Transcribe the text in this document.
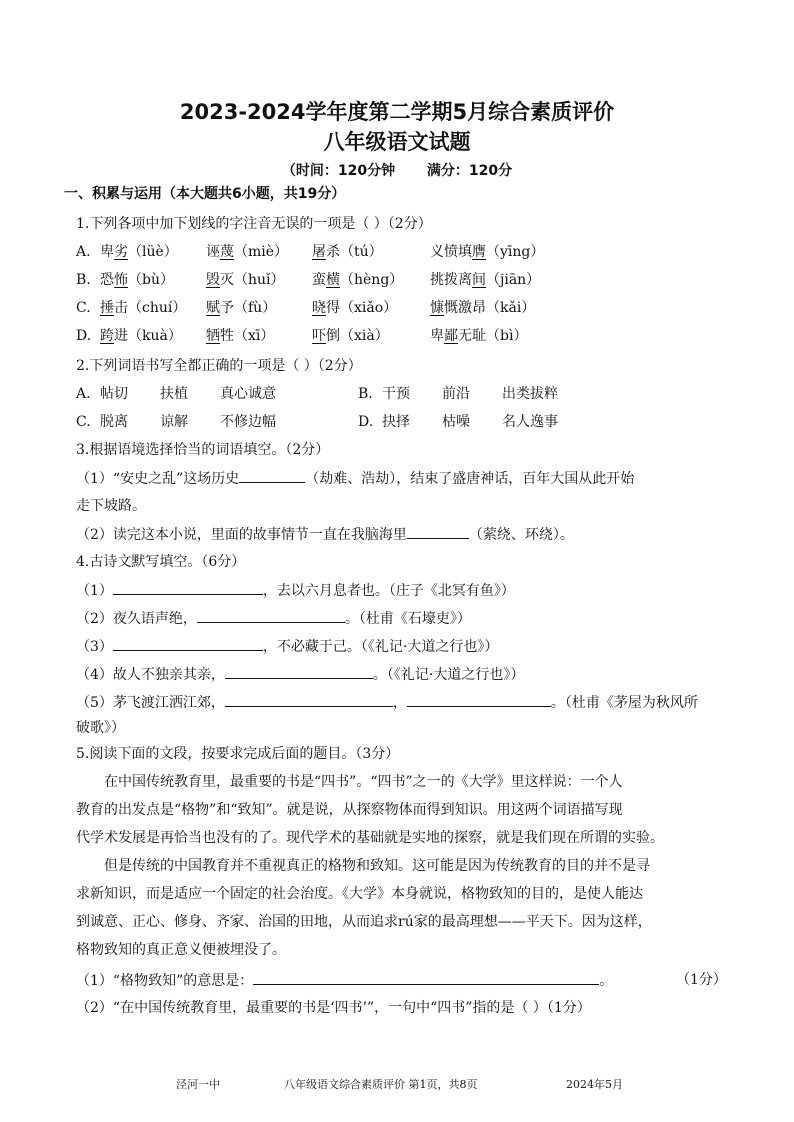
2023-2024学年度第二学期5月综合素质评价
八年级语文试题
（时间：120分钟 满分：120分
一、积累与运用（本大题共6小题，共19分）
1.下列各项中加下划线的字注音无误的一项是（ ）（2分）
A. 卑劣（lüè） 诬蔑（miè） 屠杀（tú）	义愤填膺（yīng）
B. 恐怖（bù） 毁灭（huǐ） 蛮横（hèng） 挑拨离间（jiān）
C. 捶击（chuí） 赋予（fù）	晓得（xiǎo） 慷慨激昂（kǎi）
D. 跨进（kuà） 牺牲（xī）	吓倒（xià）	卑鄙无耻（bì）
2.下列词语书写全都正确的一项是（ ）（2分）
A. 帖切 扶植 真心诚意	B. 干预 前沿 出类拔粹
C. 脱离 谅解 不修边幅	D. 抉择 枯噪 名人逸事
3.根据语境选择恰当的词语填空。（2分）
（1）“安史之乱”这场历史	（劫难、浩劫），结束了盛唐神话，百年大国从此开始
走下坡路。
（2）读完这本小说，里面的故事情节一直在我脑海里	（萦绕、环绕）。
4.古诗文默写填空。（6分）
（1）	，去以六月息者也。（庄子《北冥有鱼》）
（2）夜久语声绝，	。（杜甫《石壕吏》）
（3）	，不必藏于己。（《礼记·大道之行也》）
（4）故人不独亲其亲，	。（《礼记·大道之行也》）
（5）茅飞渡江洒江郊，	，	。（杜甫《茅屋为秋风所
破歌》）
5.阅读下面的文段，按要求完成后面的题目。（3分）
在中国传统教育里，最重要的书是“四书”。“四书”之一的《大学》里这样说：一个人
教育的出发点是“格物”和“致知”。就是说，从探察物体而得到知识。用这两个词语描写现
代学术发展是再恰当也没有的了。现代学术的基础就是实地的探察，就是我们现在所谓的实验。
但是传统的中国教育并不重视真正的格物和致知。这可能是因为传统教育的目的并不是寻
求新知识，而是适应一个固定的社会治度。《大学》本身就说，格物致知的目的，是使人能达
到诚意、正心、修身、齐家、治国的田地，从而追求rú家的最高理想——平天下。因为这样，
格物致知的真正意义便被埋没了。
（1）“格物致知”的意思是：	。	（1分）
（2）“在中国传统教育里，最重要的书是‘四书’”，一句中“四书”指的是（ ）（1分）
泾河一中	八年级语文综合素质评价 第1页，共8页	2024年5月
